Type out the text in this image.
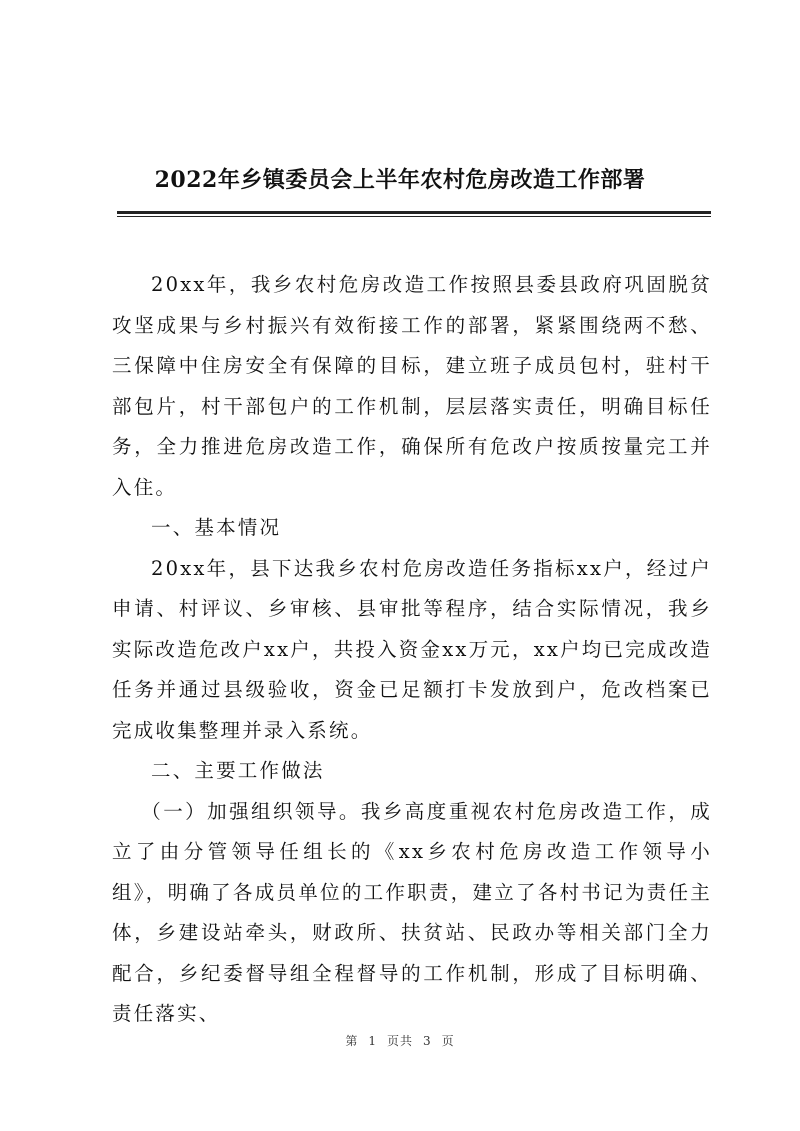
2022年乡镇委员会上半年农村危房改造工作部署

20xx年，我乡农村危房改造工作按照县委县政府巩固脱贫攻坚成果与乡村振兴有效衔接工作的部署，紧紧围绕两不愁、三保障中住房安全有保障的目标，建立班子成员包村，驻村干部包片，村干部包户的工作机制，层层落实责任，明确目标任务，全力推进危房改造工作，确保所有危改户按质按量完工并入住。

一、基本情况

20xx年，县下达我乡农村危房改造任务指标xx户，经过户申请、村评议、乡审核、县审批等程序，结合实际情况，我乡实际改造危改户xx户，共投入资金xx万元，xx户均已完成改造任务并通过县级验收，资金已足额打卡发放到户，危改档案已完成收集整理并录入系统。

二、主要工作做法

（一）加强组织领导。我乡高度重视农村危房改造工作，成立了由分管领导任组长的《xx乡农村危房改造工作领导小组》，明确了各成员单位的工作职责，建立了各村书记为责任主体，乡建设站牵头，财政所、扶贫站、民政办等相关部门全力配合，乡纪委督导组全程督导的工作机制，形成了目标明确、责任落实、

第 1 页共 3 页
